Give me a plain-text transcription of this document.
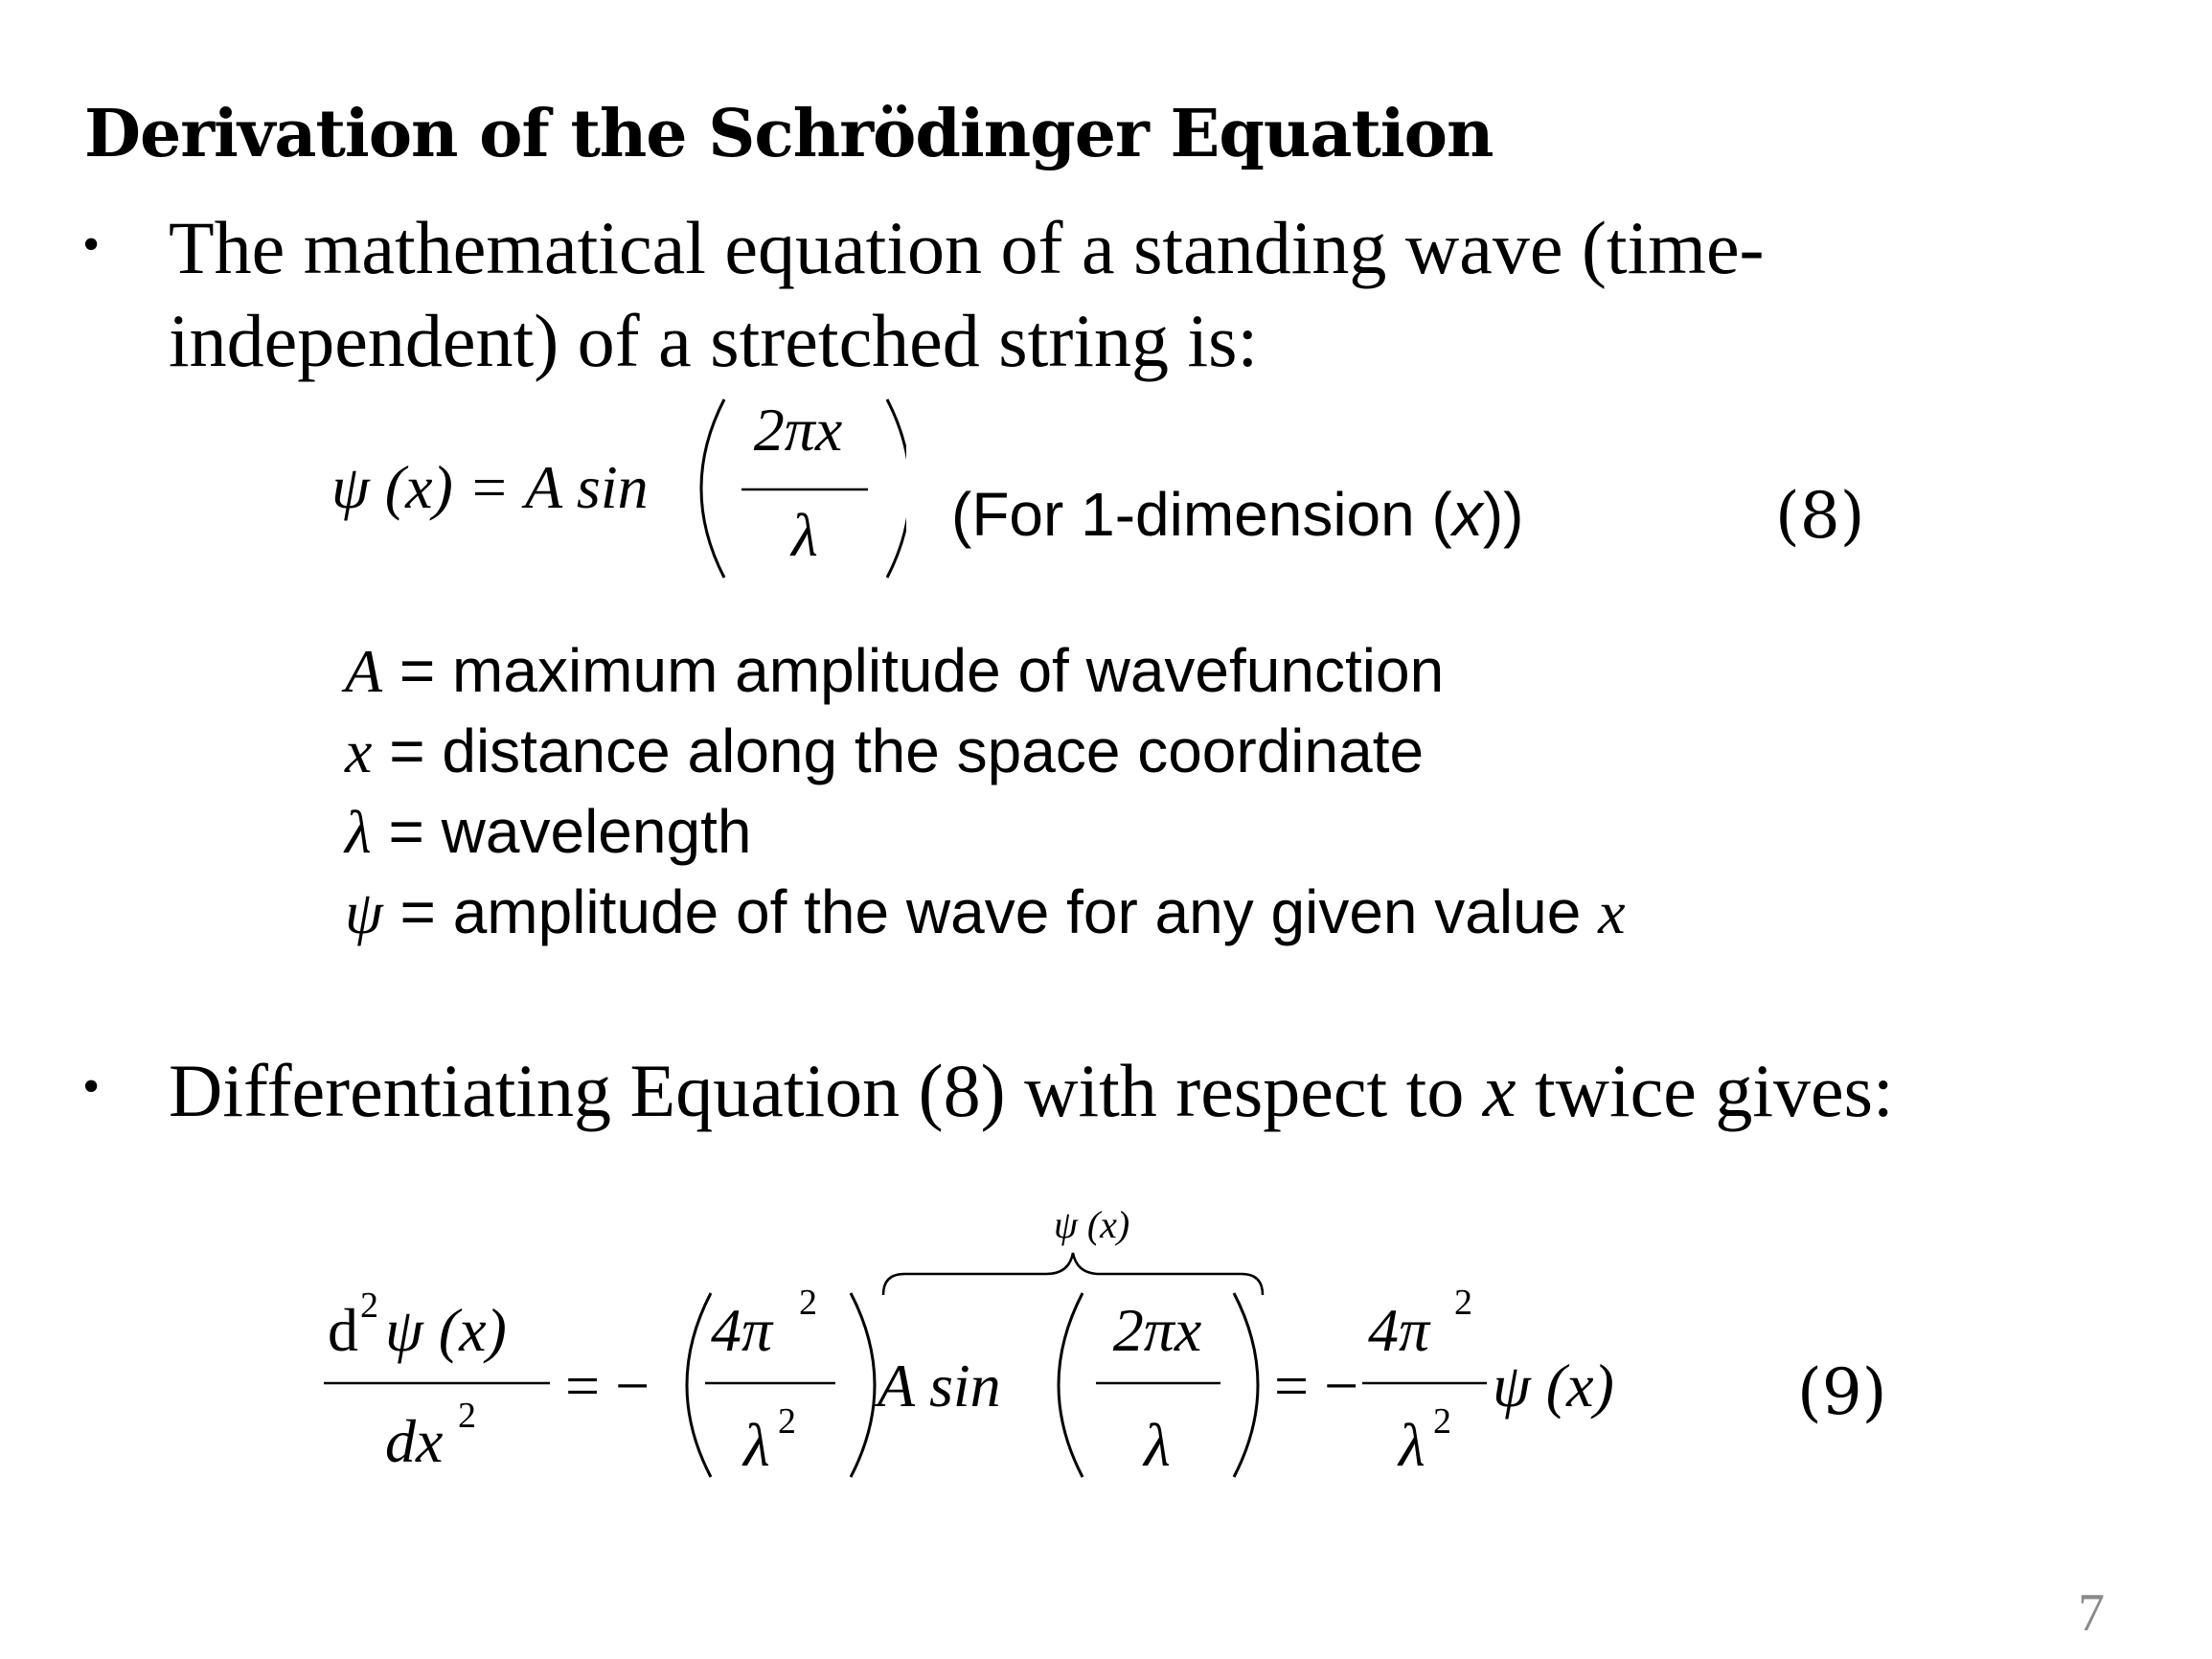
Derivation of the Schrödinger Equation
• The mathematical equation of a standing wave (time-
independent) of a stretched string is:
ψ (x) = A sin
2πx
λ (For 1-dimension (x))	(8)
A = maximum amplitude of wavefunction
x = distance along the space coordinate
λ = wavelength
ψ = amplitude of the wave for any given value x
• Differentiating Equation (8) with respect to x twice gives:
d 2 ψ (x)
dx 2 = −
4π 2
λ 2
ψ (x)
A sin
2πx
λ
= −
4π 2
λ 2
ψ (x)	(9)
7
